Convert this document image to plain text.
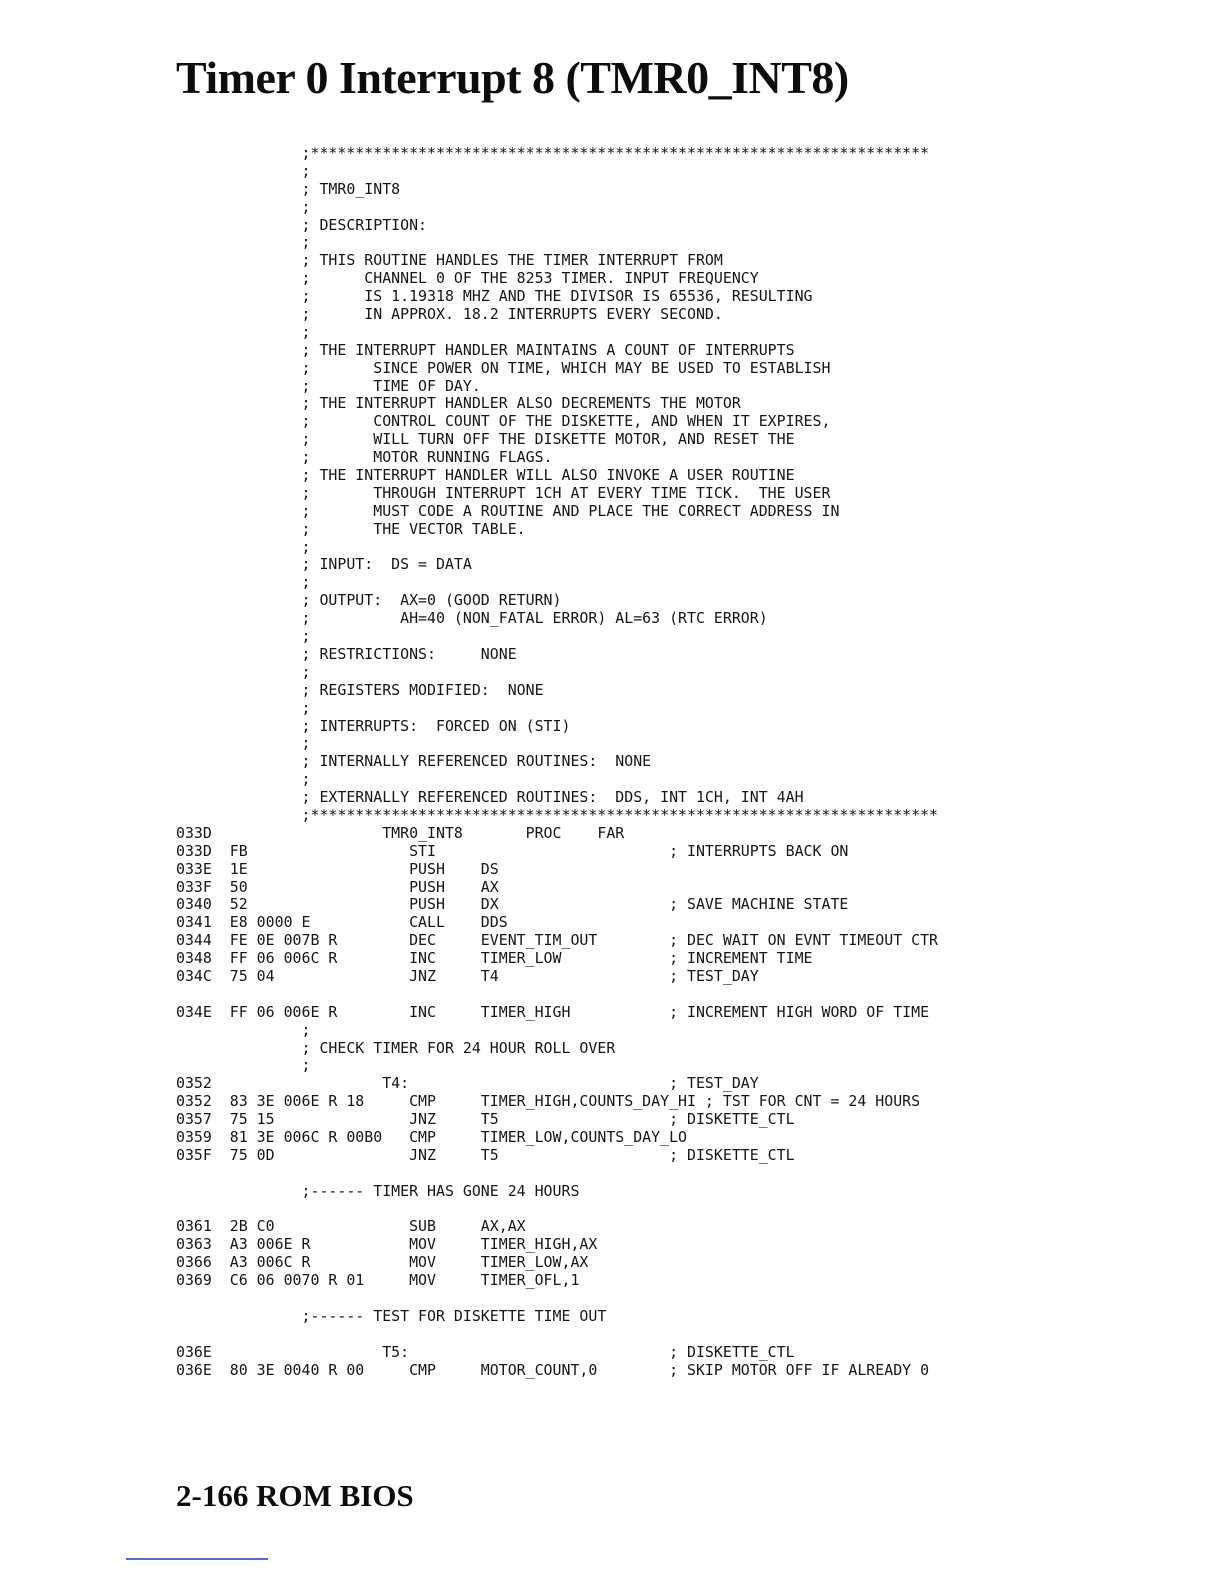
Timer 0 Interrupt 8 (TMR0_INT8)
;*********************************************************************
;
; TMR0_INT8
;
; DESCRIPTION:
;
; THIS ROUTINE HANDLES THE TIMER INTERRUPT FROM
;      CHANNEL 0 OF THE 8253 TIMER. INPUT FREQUENCY
;      IS 1.19318 MHZ AND THE DIVISOR IS 65536, RESULTING
;      IN APPROX. 18.2 INTERRUPTS EVERY SECOND.
;
; THE INTERRUPT HANDLER MAINTAINS A COUNT OF INTERRUPTS
;       SINCE POWER ON TIME, WHICH MAY BE USED TO ESTABLISH
;       TIME OF DAY.
; THE INTERRUPT HANDLER ALSO DECREMENTS THE MOTOR
;       CONTROL COUNT OF THE DISKETTE, AND WHEN IT EXPIRES,
;       WILL TURN OFF THE DISKETTE MOTOR, AND RESET THE
;       MOTOR RUNNING FLAGS.
; THE INTERRUPT HANDLER WILL ALSO INVOKE A USER ROUTINE
;       THROUGH INTERRUPT 1CH AT EVERY TIME TICK.  THE USER
;       MUST CODE A ROUTINE AND PLACE THE CORRECT ADDRESS IN
;       THE VECTOR TABLE.
;
; INPUT:  DS = DATA
;
; OUTPUT:  AX=0 (GOOD RETURN)
;          AH=40 (NON_FATAL ERROR) AL=63 (RTC ERROR)
;
; RESTRICTIONS:     NONE
;
; REGISTERS MODIFIED:  NONE
;
; INTERRUPTS:  FORCED ON (STI)
;
; INTERNALLY REFERENCED ROUTINES:  NONE
;
; EXTERNALLY REFERENCED ROUTINES:  DDS, INT 1CH, INT 4AH
;**********************************************************************
033D                   TMR0_INT8       PROC    FAR
033D  FB                  STI                          ; INTERRUPTS BACK ON
033E  1E                  PUSH    DS
033F  50                  PUSH    AX
0340  52                  PUSH    DX                   ; SAVE MACHINE STATE
0341  E8 0000 E           CALL    DDS
0344  FE 0E 007B R        DEC     EVENT_TIM_OUT        ; DEC WAIT ON EVNT TIMEOUT CTR
0348  FF 06 006C R        INC     TIMER_LOW            ; INCREMENT TIME
034C  75 04               JNZ     T4                   ; TEST_DAY
034E  FF 06 006E R        INC     TIMER_HIGH           ; INCREMENT HIGH WORD OF TIME
;
; CHECK TIMER FOR 24 HOUR ROLL OVER
;
0352                   T4:                             ; TEST_DAY
0352  83 3E 006E R 18     CMP     TIMER_HIGH,COUNTS_DAY_HI ; TST FOR CNT = 24 HOURS
0357  75 15               JNZ     T5                   ; DISKETTE_CTL
0359  81 3E 006C R 00B0   CMP     TIMER_LOW,COUNTS_DAY_LO
035F  75 0D               JNZ     T5                   ; DISKETTE_CTL
;------ TIMER HAS GONE 24 HOURS
0361  2B C0               SUB     AX,AX
0363  A3 006E R           MOV     TIMER_HIGH,AX
0366  A3 006C R           MOV     TIMER_LOW,AX
0369  C6 06 0070 R 01     MOV     TIMER_OFL,1
;------ TEST FOR DISKETTE TIME OUT
036E                   T5:                             ; DISKETTE_CTL
036E  80 3E 0040 R 00     CMP     MOTOR_COUNT,0        ; SKIP MOTOR OFF IF ALREADY 0
2-166 ROM BIOS
